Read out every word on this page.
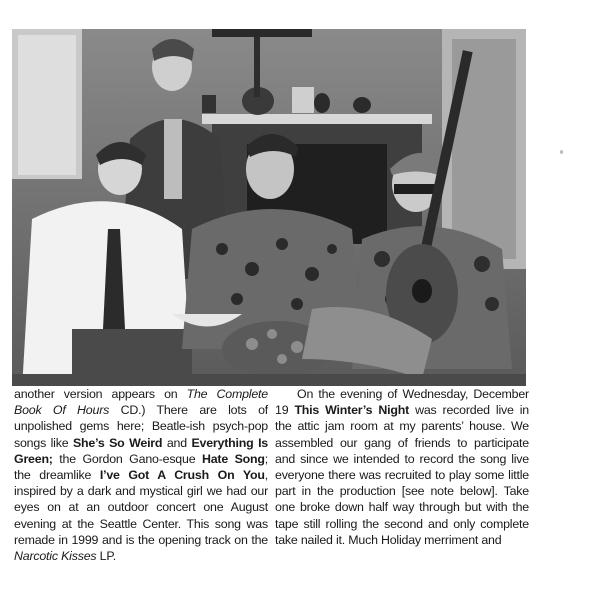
another version appears on The Complete Book Of Hours CD.) There are lots of unpolished gems here; Beatle-ish psych-pop songs like She’s So Weird and Everything Is Green; the Gordon Gano-esque Hate Song; the dreamlike I’ve Got A Crush On You, inspired by a dark and mystical girl we had our eyes on at an outdoor concert one August evening at the Seattle Center. This song was remade in 1999 and is the opening track on the Narcotic Kisses LP.

On the evening of Wednesday, December 19 This Winter’s Night was recorded live in the attic jam room at my parents’ house. We assembled our gang of friends to participate and since we intended to record the song live everyone there was recruited to play some little part in the production [see note below]. Take one broke down half way through but with the tape still rolling the second and only complete take nailed it. Much Holiday merriment and
